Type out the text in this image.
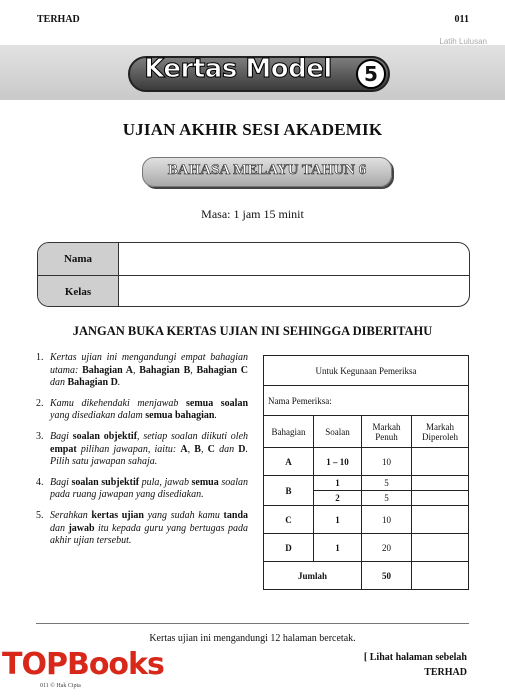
TERHAD	011
Latih Lulusan
Kertas Model	5
UJIAN AKHIR SESI AKADEMIK
BAHASA MELAYU TAHUN 6
Masa: 1 jam 15 minit
Nama
Kelas
JANGAN BUKA KERTAS UJIAN INI SEHINGGA DIBERITAHU
1. Kertas ujian ini mengandungi empat bahagian utama: Bahagian A, Bahagian B, Bahagian C dan Bahagian D.
2. Kamu dikehendaki menjawab semua soalan yang disediakan dalam semua bahagian.
3. Bagi soalan objektif, setiap soalan diikuti oleh empat pilihan jawapan, iaitu: A, B, C dan D. Pilih satu jawapan sahaja.
4. Bagi soalan subjektif pula, jawab semua soalan pada ruang jawapan yang disediakan.
5. Serahkan kertas ujian yang sudah kamu tanda dan jawab itu kepada guru yang bertugas pada akhir ujian tersebut.
Untuk Kegunaan Pemeriksa			
Nama Pemeriksa:			
Bahagian	Soalan	Markah Penuh	Markah Diperoleh
A	1 – 10	10	
B	1	5	
	2	5	
C	1	10	
D	1	20	
Jumlah		50	
Kertas ujian ini mengandungi 12 halaman bercetak.
[ Lihat halaman sebelah
TERHAD
TOPBooks
011 © Hak Cipta
